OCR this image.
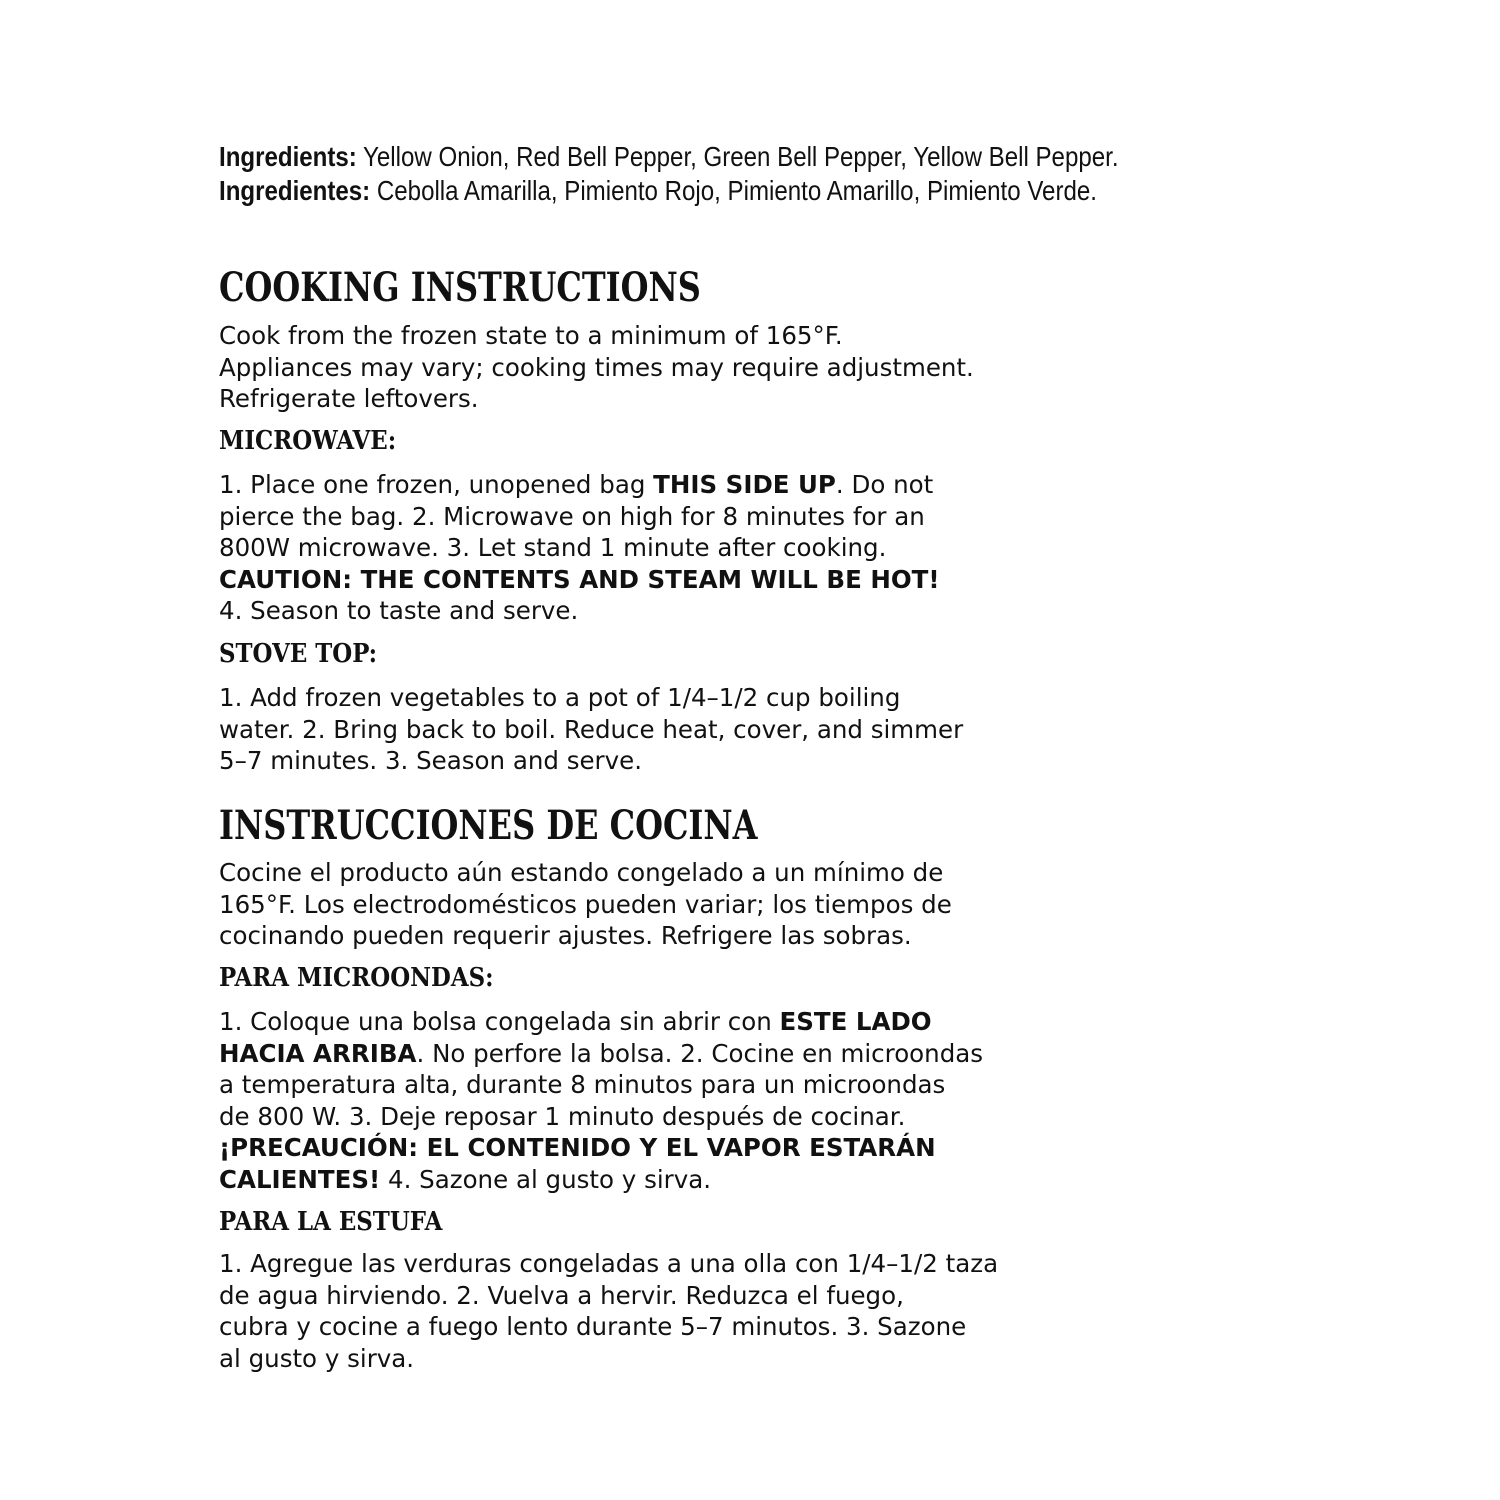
Ingredients: Yellow Onion, Red Bell Pepper, Green Bell Pepper, Yellow Bell Pepper.
Ingredientes: Cebolla Amarilla, Pimiento Rojo, Pimiento Amarillo, Pimiento Verde.
COOKING INSTRUCTIONS
Cook from the frozen state to a minimum of 165°F.
Appliances may vary; cooking times may require adjustment.
Refrigerate leftovers.
MICROWAVE:
1. Place one frozen, unopened bag THIS SIDE UP. Do not
pierce the bag. 2. Microwave on high for 8 minutes for an
800W microwave. 3. Let stand 1 minute after cooking.
CAUTION: THE CONTENTS AND STEAM WILL BE HOT!
4. Season to taste and serve.
STOVE TOP:
1. Add frozen vegetables to a pot of 1/4–1/2 cup boiling
water. 2. Bring back to boil. Reduce heat, cover, and simmer
5–7 minutes. 3. Season and serve.
INSTRUCCIONES DE COCINA
Cocine el producto aún estando congelado a un mínimo de
165°F. Los electrodomésticos pueden variar; los tiempos de
cocinando pueden requerir ajustes. Refrigere las sobras.
PARA MICROONDAS:
1. Coloque una bolsa congelada sin abrir con ESTE LADO
HACIA ARRIBA. No perfore la bolsa. 2. Cocine en microondas
a temperatura alta, durante 8 minutos para un microondas
de 800 W. 3. Deje reposar 1 minuto después de cocinar.
¡PRECAUCIÓN: EL CONTENIDO Y EL VAPOR ESTARÁN
CALIENTES! 4. Sazone al gusto y sirva.
PARA LA ESTUFA
1. Agregue las verduras congeladas a una olla con 1/4–1/2 taza
de agua hirviendo. 2. Vuelva a hervir. Reduzca el fuego,
cubra y cocine a fuego lento durante 5–7 minutos. 3. Sazone
al gusto y sirva.
